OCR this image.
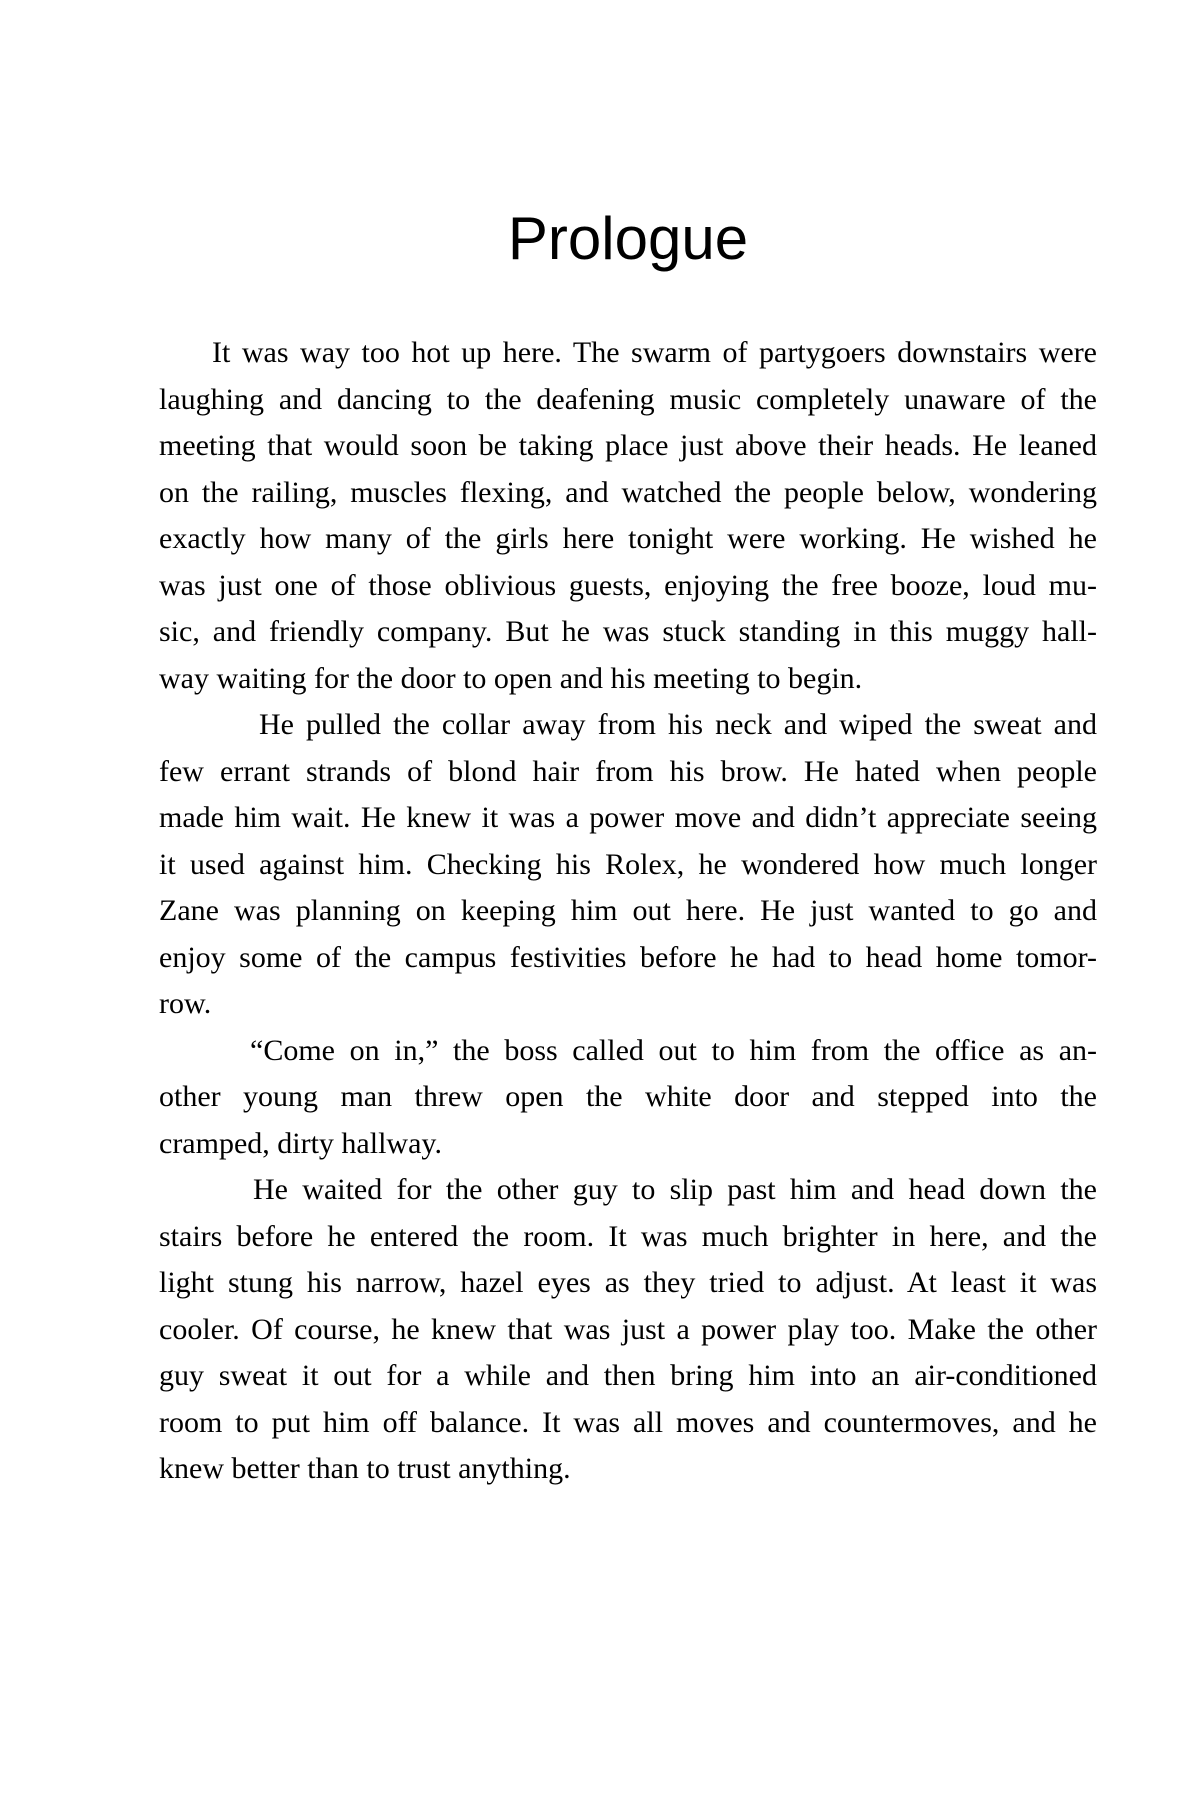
Prologue
It was way too hot up here. The swarm of partygoers downstairs were
laughing and dancing to the deafening music completely unaware of the
meeting that would soon be taking place just above their heads. He leaned
on the railing, muscles flexing, and watched the people below, wondering
exactly how many of the girls here tonight were working. He wished he
was just one of those oblivious guests, enjoying the free booze, loud mu-
sic, and friendly company. But he was stuck standing in this muggy hall-
way waiting for the door to open and his meeting to begin.
He pulled the collar away from his neck and wiped the sweat and
few errant strands of blond hair from his brow. He hated when people
made him wait. He knew it was a power move and didn’t appreciate seeing
it used against him. Checking his Rolex, he wondered how much longer
Zane was planning on keeping him out here. He just wanted to go and
enjoy some of the campus festivities before he had to head home tomor-
row.
“Come on in,” the boss called out to him from the office as an-
other young man threw open the white door and stepped into the
cramped, dirty hallway.
He waited for the other guy to slip past him and head down the
stairs before he entered the room. It was much brighter in here, and the
light stung his narrow, hazel eyes as they tried to adjust. At least it was
cooler. Of course, he knew that was just a power play too. Make the other
guy sweat it out for a while and then bring him into an air-conditioned
room to put him off balance. It was all moves and countermoves, and he
knew better than to trust anything.
